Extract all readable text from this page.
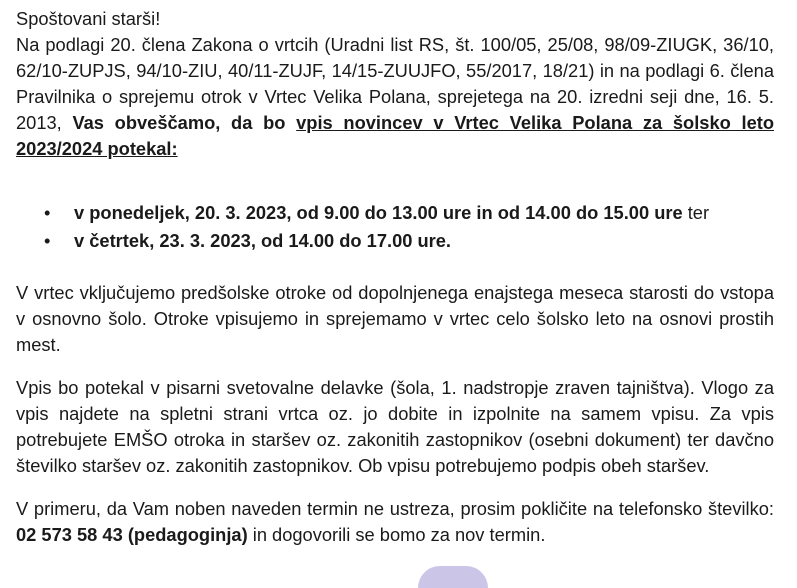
Spoštovani starši!

Na podlagi 20. člena Zakona o vrtcih (Uradni list RS, št. 100/05, 25/08, 98/09-ZIUGK, 36/10, 62/10-ZUPJS, 94/10-ZIU, 40/11-ZUJF, 14/15-ZUUJFO, 55/2017, 18/21) in na podlagi 6. člena Pravilnika o sprejemu otrok v Vrtec Velika Polana, sprejetega na 20. izredni seji dne, 16. 5. 2013, Vas obveščamo, da bo vpis novincev v Vrtec Velika Polana za šolsko leto 2023/2024 potekal:

• v ponedeljek, 20. 3. 2023, od 9.00 do 13.00 ure in od 14.00 do 15.00 ure ter
• v četrtek, 23. 3. 2023, od 14.00 do 17.00 ure.

V vrtec vključujemo predšolske otroke od dopolnjenega enajstega meseca starosti do vstopa v osnovno šolo. Otroke vpisujemo in sprejemamo v vrtec celo šolsko leto na osnovi prostih mest.

Vpis bo potekal v pisarni svetovalne delavke (šola, 1. nadstropje zraven tajništva). Vlogo za vpis najdete na spletni strani vrtca oz. jo dobite in izpolnite na samem vpisu. Za vpis potrebujete EMŠO otroka in staršev oz. zakonitih zastopnikov (osebni dokument) ter davčno številko staršev oz. zakonitih zastopnikov. Ob vpisu potrebujemo podpis obeh staršev.

V primeru, da Vam noben naveden termin ne ustreza, prosim pokličite na telefonsko številko: 02 573 58 43 (pedagoginja) in dogovorili se bomo za nov termin.
